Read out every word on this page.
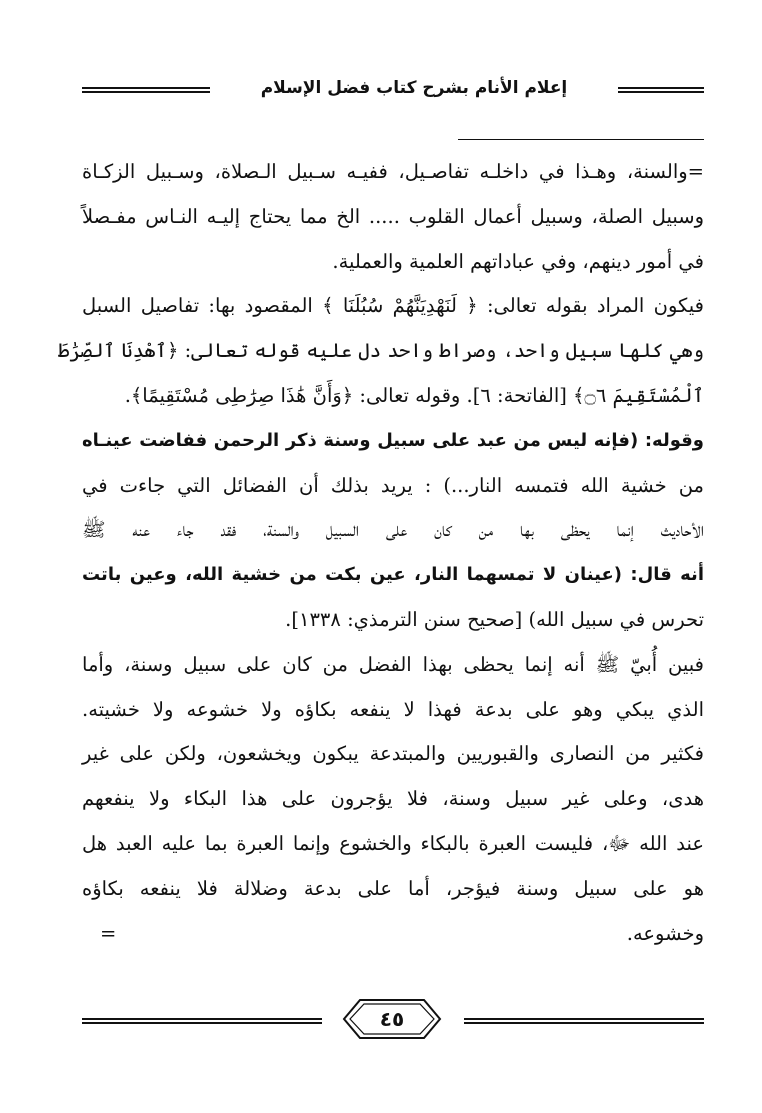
إعلام الأنام بشرح كتاب فضل الإسلام
=والسنة، وهـذا في داخلـه تفاصـيل، ففيـه سـبيل الـصلاة، وسـبيل الزكـاة
وسبيل الصلة، وسبيل أعمال القلوب ..... الخ مما يحتاج إليـه النـاس مفـصلاً
في أمور دينهم، وفي عباداتهم العلمية والعملية.
فيكون المراد بقوله تعالى: ﴿ لَنَهْدِيَنَّهُمْ سُبُلَنَا ﴾ المقصود بها: تفاصيل السبل
وهي كلها سبيل واحد، وصراط واحد دل عليه قوله تعالى: ﴿ٱهْدِنَا ٱلصِّرَٰطَ
ٱلْمُسْتَقِيمَ ۝٦﴾ [الفاتحة: ٦]. وقوله تعالى: ﴿وَأَنَّ هَٰذَا صِرَٰطِى مُسْتَقِيمًا﴾.
وقوله: (فإنه ليس من عبد على سبيل وسنة ذكر الرحمن ففاضت عينـاه
من خشية الله فتمسه النار...) : يريد بذلك أن الفضائل التي جاءت في
الأحاديث إنما يحظى بها من كان على السبيل والسنة، فقد جاء عنه ﷺ
أنه قال: (عينان لا تمسهما النار، عين بكت من خشية الله، وعين باتت
تحرس في سبيل الله) [صحيح سنن الترمذي: ١٣٣٨].
فبين أُبيّ ﷺ أنه إنما يحظى بهذا الفضل من كان على سبيل وسنة، وأما
الذي يبكي وهو على بدعة فهذا لا ينفعه بكاؤه ولا خشوعه ولا خشيته.
فكثير من النصارى والقبوريين والمبتدعة يبكون ويخشعون، ولكن على غير
هدى، وعلى غير سبيل وسنة، فلا يؤجرون على هذا البكاء ولا ينفعهم
عند الله ﷻ، فليست العبرة بالبكاء والخشوع وإنما العبرة بما عليه العبد هل
هو على سبيل وسنة فيؤجر، أما على بدعة وضلالة فلا ينفعه بكاؤه
وخشوعه.
=
٤٥
